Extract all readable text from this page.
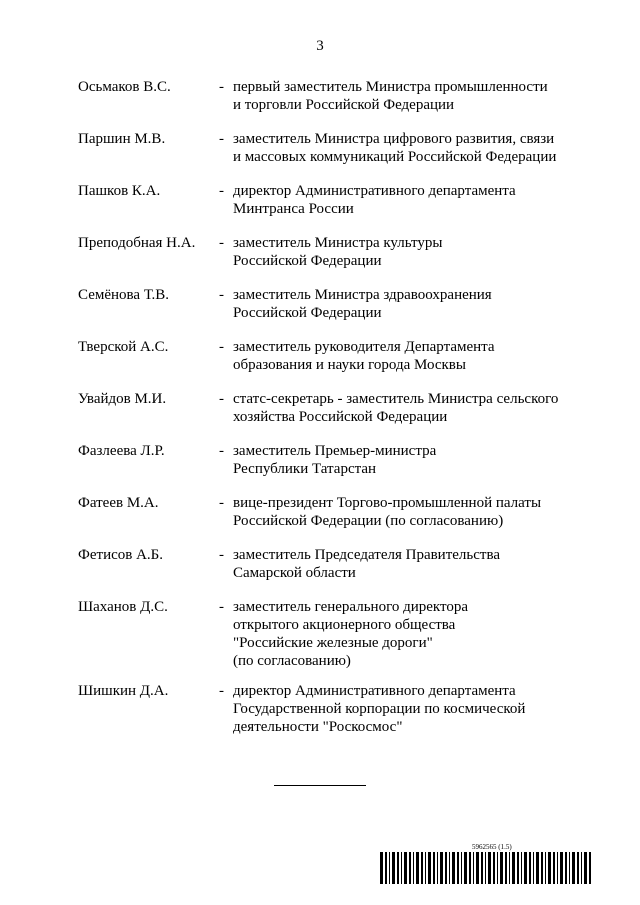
3
Осьмаков В.С.	- первый заместитель Министра промышленности
и торговли Российской Федерации
Паршин М.В.	- заместитель Министра цифрового развития, связи
и массовых коммуникаций Российской Федерации
Пашков К.А.	- директор Административного департамента
Минтранса России
Преподобная Н.А. - заместитель Министра культуры
Российской Федерации
Семёнова Т.В.	- заместитель Министра здравоохранения
Российской Федерации
Тверской А.С.	- заместитель руководителя Департамента
образования и науки города Москвы
Увайдов М.И.	- статс-секретарь - заместитель Министра сельского
хозяйства Российской Федерации
Фазлеева Л.Р.	- заместитель Премьер-министра
Республики Татарстан
Фатеев М.А.	- вице-президент Торгово-промышленной палаты
Российской Федерации (по согласованию)
Фетисов А.Б.	- заместитель Председателя Правительства
Самарской области
Шаханов Д.С.	- заместитель генерального директора
открытого акционерного общества
"Российские железные дороги"
(по согласованию)
Шишкин Д.А.	- директор Административного департамента
Государственной корпорации по космической
деятельности "Роскосмос"
5962565 (1.5)
